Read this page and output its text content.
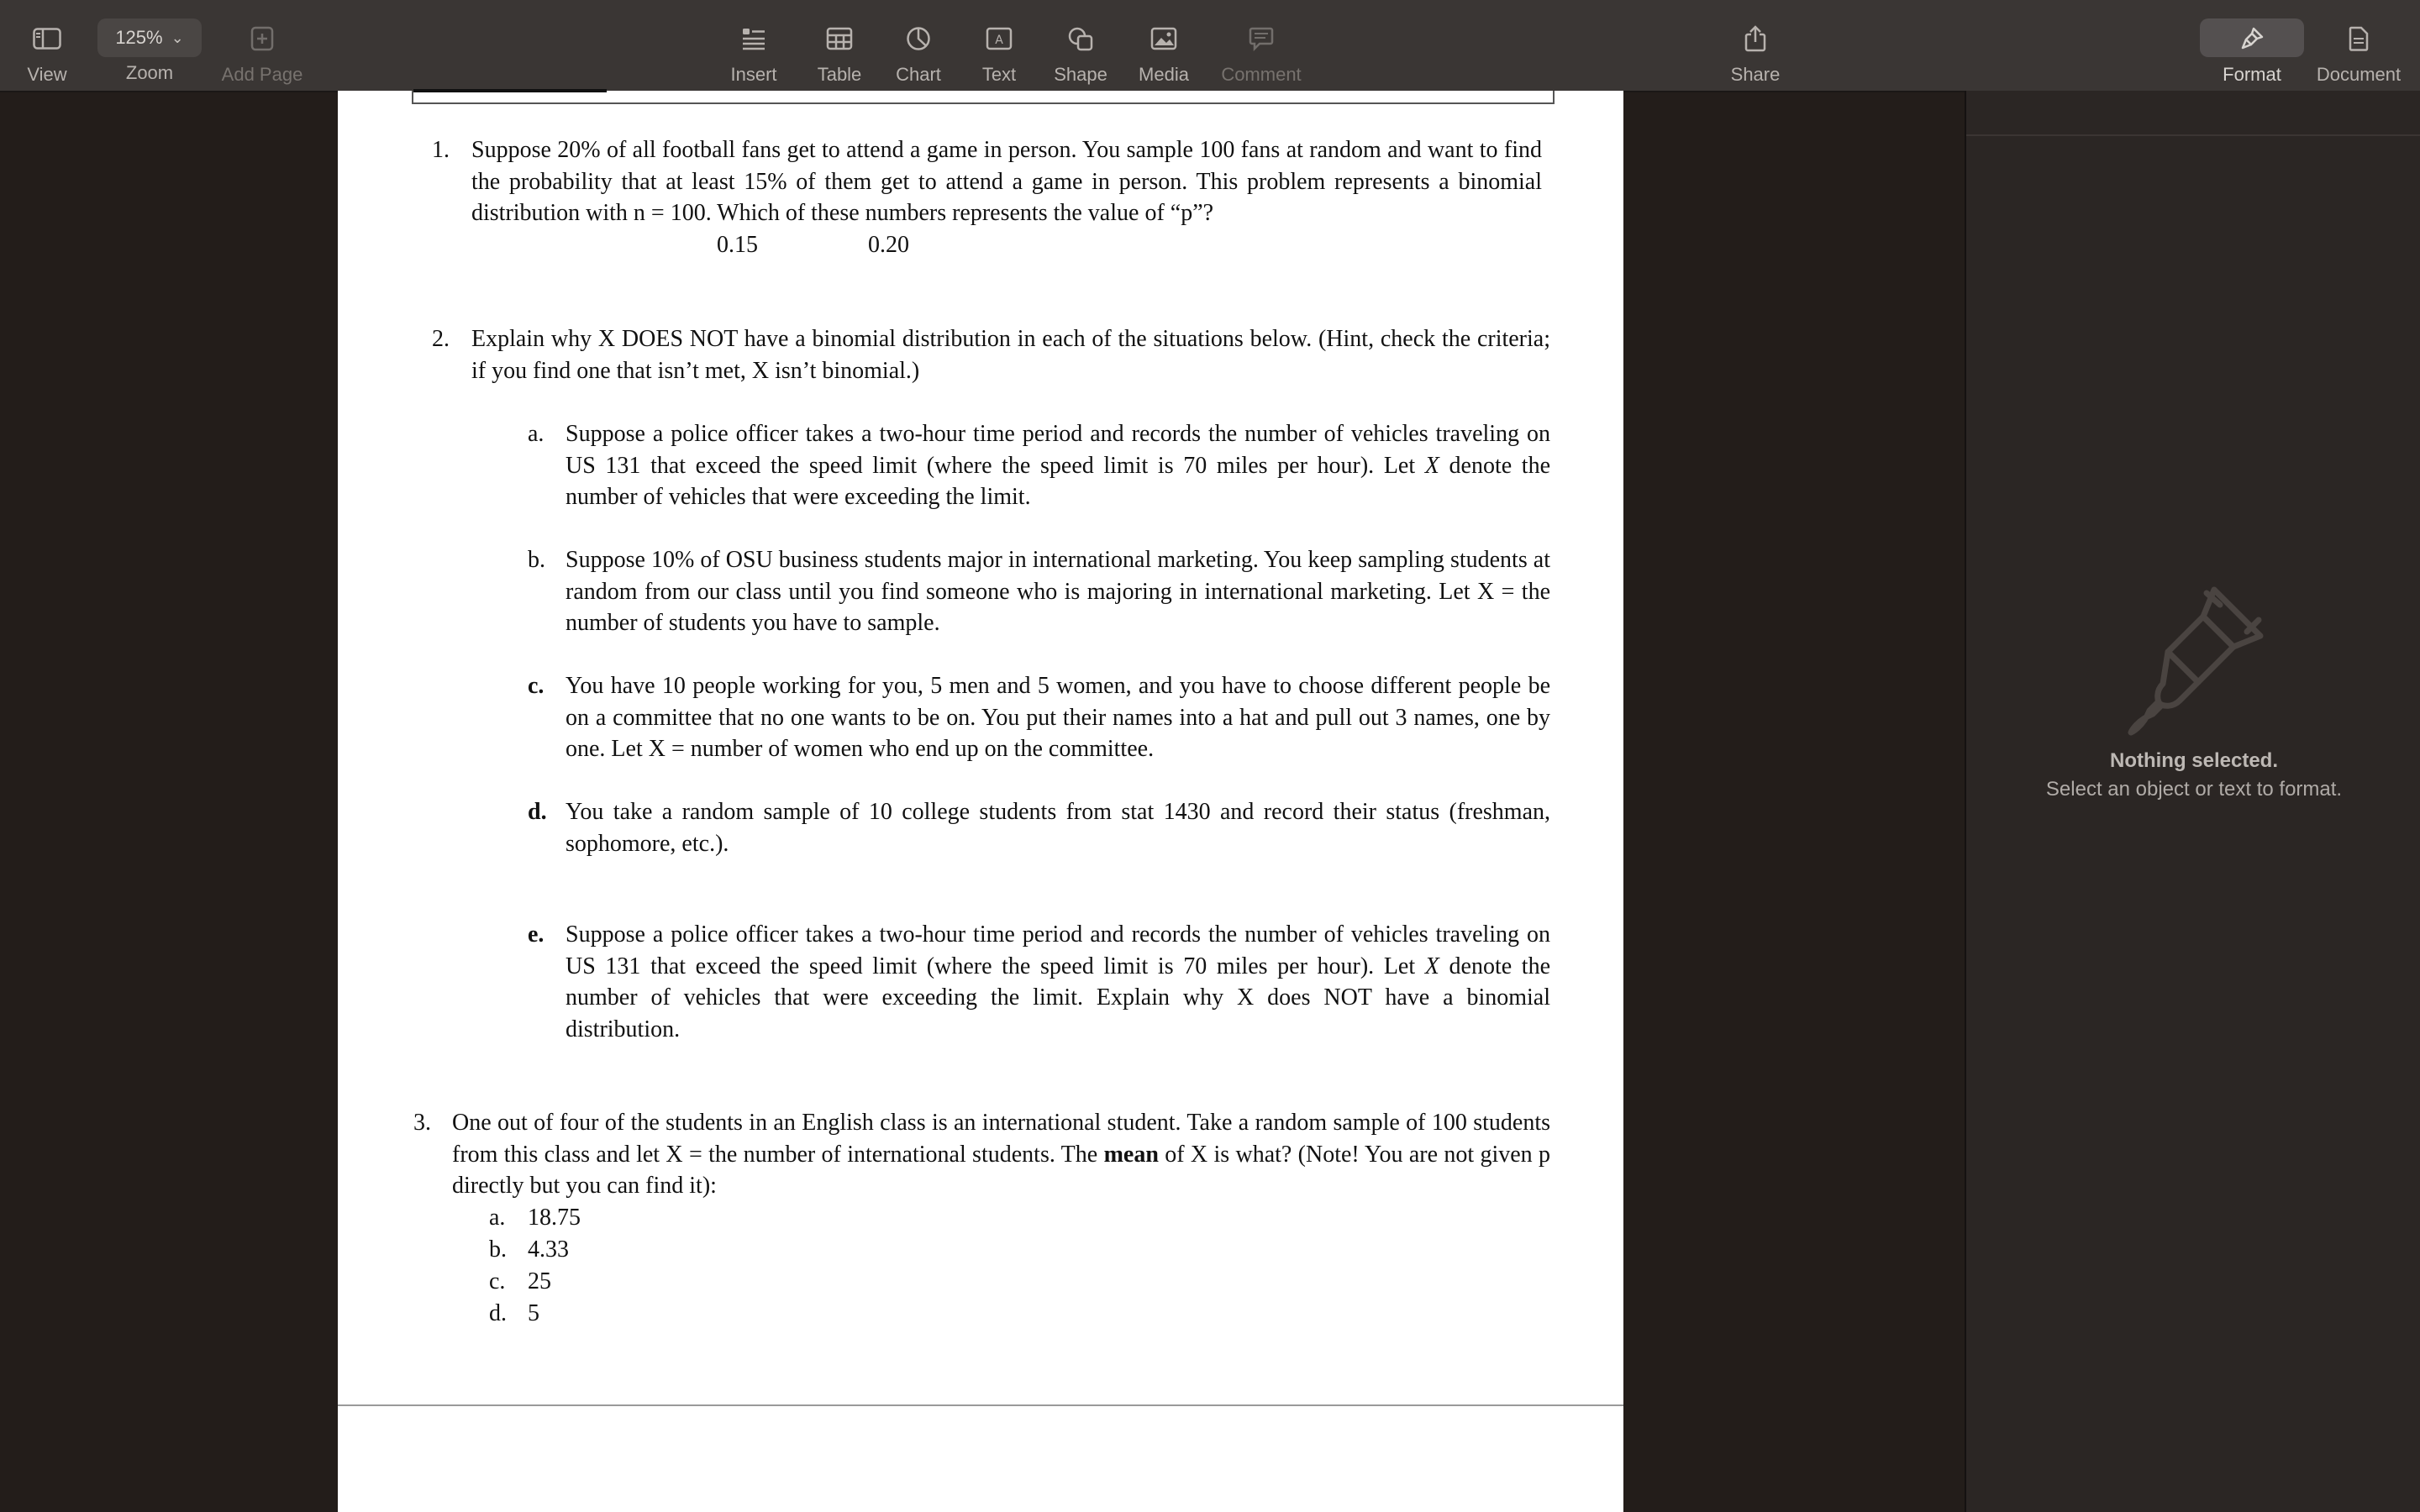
View
125% ⌄
Zoom	Add Page	Insert Table Chart
A
Text Shape Media Comment	Share	Format Document
1. Suppose 20% of all football fans get to attend a game in person. You sample 100 fans at random and want to find the probability that at least 15% of them get to attend a game in person. This problem represents a binomial distribution with n = 100. Which of these numbers represents the value of “p”?
0.15	0.20
2. Explain why X DOES NOT have a binomial distribution in each of the situations below. (Hint, check the criteria; if you find one that isn’t met, X isn’t binomial.)
a. Suppose a police officer takes a two-hour time period and records the number of vehicles traveling on US 131 that exceed the speed limit (where the speed limit is 70 miles per hour). Let X denote the number of vehicles that were exceeding the limit.
b. Suppose 10% of OSU business students major in international marketing. You keep sampling students at random from our class until you find someone who is majoring in international marketing. Let X = the number of students you have to sample.
c. You have 10 people working for you, 5 men and 5 women, and you have to choose different people be on a committee that no one wants to be on. You put their names into a hat and pull out 3 names, one by one. Let X = number of women who end up on the committee.
d. You take a random sample of 10 college students from stat 1430 and record their status (freshman, sophomore, etc.).
e. Suppose a police officer takes a two-hour time period and records the number of vehicles traveling on US 131 that exceed the speed limit (where the speed limit is 70 miles per hour). Let X denote the number of vehicles that were exceeding the limit. Explain why X does NOT have a binomial distribution.
3. One out of four of the students in an English class is an international student. Take a random sample of 100 students from this class and let X = the number of international students. The mean of X is what? (Note! You are not given p directly but you can find it):
a. 18.75
b. 4.33
c. 25
d. 5
Nothing selected.
Select an object or text to format.
